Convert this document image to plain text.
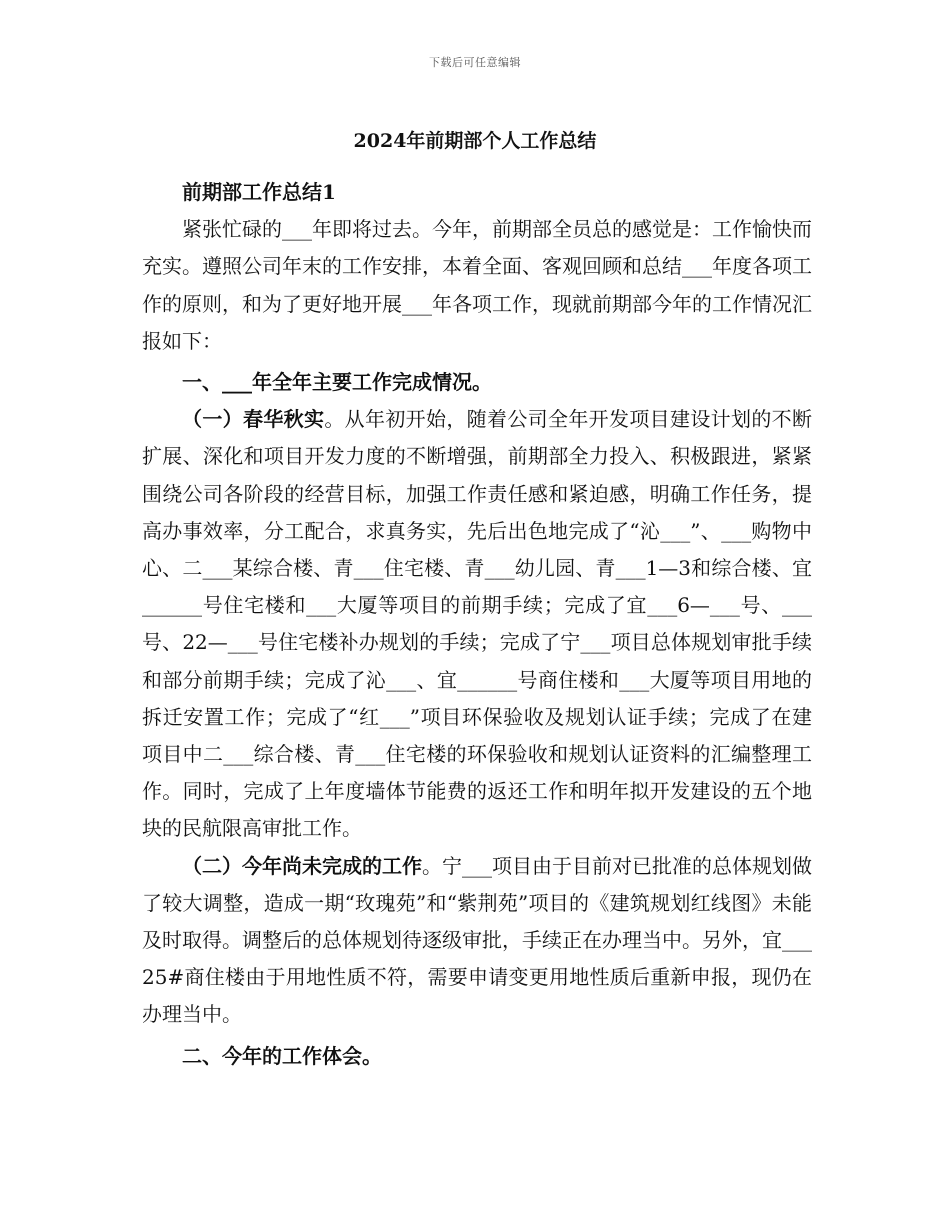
下载后可任意编辑
2024年前期部个人工作总结

前期部工作总结1

紧张忙碌的___年即将过去。今年，前期部全员总的感觉是：工作愉快而充实。遵照公司年末的工作安排，本着全面、客观回顾和总结___年度各项工作的原则，和为了更好地开展___年各项工作，现就前期部今年的工作情况汇报如下：

一、___年全年主要工作完成情况。

（一）春华秋实。从年初开始，随着公司全年开发项目建设计划的不断扩展、深化和项目开发力度的不断增强，前期部全力投入、积极跟进，紧紧围绕公司各阶段的经营目标，加强工作责任感和紧迫感，明确工作任务，提高办事效率，分工配合，求真务实，先后出色地完成了“沁___”、___购物中心、二___某综合楼、青___住宅楼、青___幼儿园、青___1—3和综合楼、宜______号住宅楼和___大厦等项目的前期手续；完成了宜___6—___号、___号、22—___号住宅楼补办规划的手续；完成了宁___项目总体规划审批手续和部分前期手续；完成了沁___、宜______号商住楼和___大厦等项目用地的拆迁安置工作；完成了“红___”项目环保验收及规划认证手续；完成了在建项目中二___综合楼、青___住宅楼的环保验收和规划认证资料的汇编整理工作。同时，完成了上年度墙体节能费的返还工作和明年拟开发建设的五个地块的民航限高审批工作。

（二）今年尚未完成的工作。宁___项目由于目前对已批准的总体规划做了较大调整，造成一期“玫瑰苑”和“紫荆苑”项目的《建筑规划红线图》未能及时取得。调整后的总体规划待逐级审批，手续正在办理当中。另外，宜___25#商住楼由于用地性质不符，需要申请变更用地性质后重新申报，现仍在办理当中。

二、今年的工作体会。
